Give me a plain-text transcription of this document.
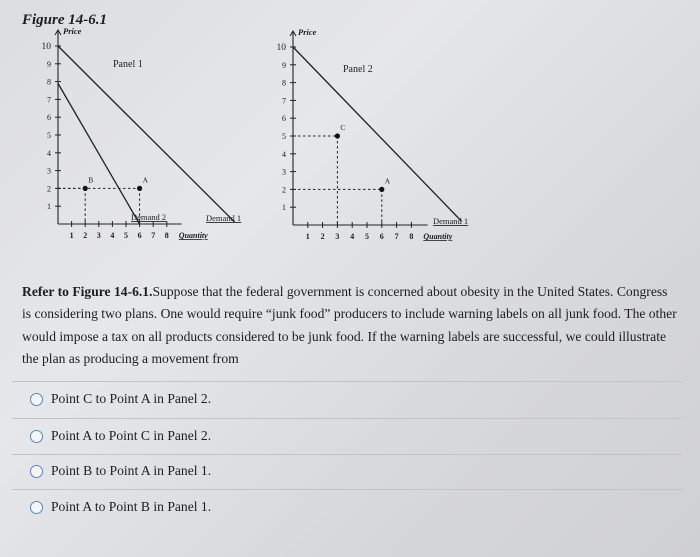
Figure 14-6.1
Price
10
9
8
7
6
5
4
3
2
1
1 2 3 4 5 6 7 8 Quantity
Panel 1
Demand 2	Demand 1
B	A
Price
10
9
8
7
6
5
4
3
2
1
1 2 3 4 5 6 7 8 Quantity
Panel 2
Demand 1
C
A
Refer to Figure 14-6.1.Suppose that the federal government is concerned about obesity in the United States. Congress is considering two plans. One would require “junk food” producers to include warning labels on all junk food. The other would impose a tax on all products considered to be junk food. If the warning labels are successful, we could illustrate the plan as producing a movement from
Point C to Point A in Panel 2.
Point A to Point C in Panel 2.
Point B to Point A in Panel 1.
Point A to Point B in Panel 1.
